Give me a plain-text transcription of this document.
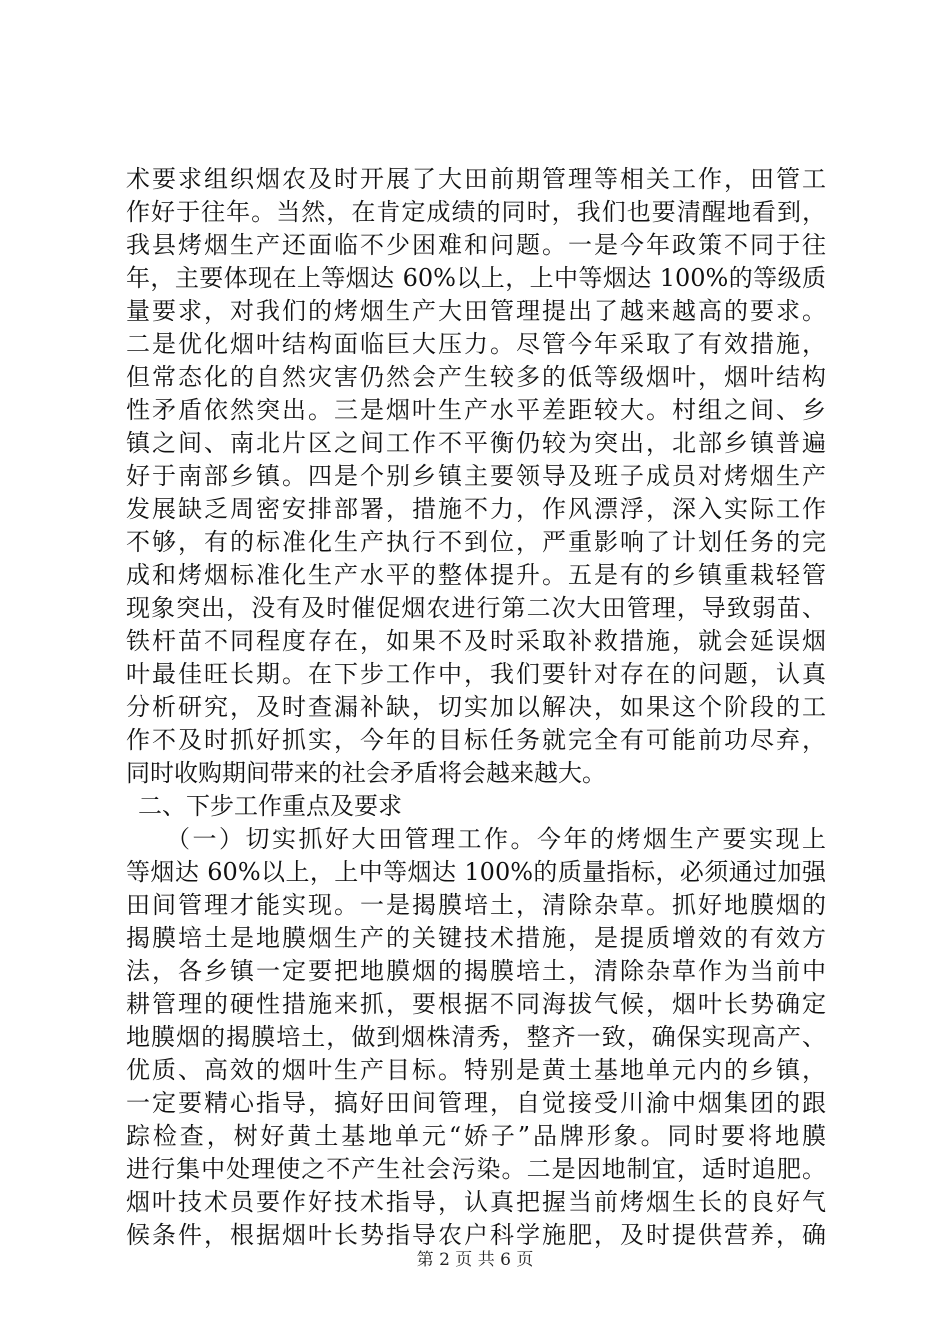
术要求组织烟农及时开展了大田前期管理等相关工作，田管工
作好于往年。当然，在肯定成绩的同时，我们也要清醒地看到，
我县烤烟生产还面临不少困难和问题。一是今年政策不同于往
年，主要体现在上等烟达 60%以上，上中等烟达 100%的等级质
量要求，对我们的烤烟生产大田管理提出了越来越高的要求。
二是优化烟叶结构面临巨大压力。尽管今年采取了有效措施，
但常态化的自然灾害仍然会产生较多的低等级烟叶，烟叶结构
性矛盾依然突出。三是烟叶生产水平差距较大。村组之间、乡
镇之间、南北片区之间工作不平衡仍较为突出，北部乡镇普遍
好于南部乡镇。四是个别乡镇主要领导及班子成员对烤烟生产
发展缺乏周密安排部署，措施不力，作风漂浮，深入实际工作
不够，有的标准化生产执行不到位，严重影响了计划任务的完
成和烤烟标准化生产水平的整体提升。五是有的乡镇重栽轻管
现象突出，没有及时催促烟农进行第二次大田管理，导致弱苗、
铁杆苗不同程度存在，如果不及时采取补救措施，就会延误烟
叶最佳旺长期。在下步工作中，我们要针对存在的问题，认真
分析研究，及时查漏补缺，切实加以解决，如果这个阶段的工
作不及时抓好抓实，今年的目标任务就完全有可能前功尽弃，
同时收购期间带来的社会矛盾将会越来越大。
二、下步工作重点及要求
（一）切实抓好大田管理工作。今年的烤烟生产要实现上
等烟达 60%以上，上中等烟达 100%的质量指标，必须通过加强
田间管理才能实现。一是揭膜培土，清除杂草。抓好地膜烟的
揭膜培土是地膜烟生产的关键技术措施，是提质增效的有效方
法，各乡镇一定要把地膜烟的揭膜培土，清除杂草作为当前中
耕管理的硬性措施来抓，要根据不同海拔气候，烟叶长势确定
地膜烟的揭膜培土，做到烟株清秀，整齐一致，确保实现高产、
优质、高效的烟叶生产目标。特别是黄土基地单元内的乡镇，
一定要精心指导，搞好田间管理，自觉接受川渝中烟集团的跟
踪检查，树好黄土基地单元“娇子”品牌形象。同时要将地膜
进行集中处理使之不产生社会污染。二是因地制宜，适时追肥。
烟叶技术员要作好技术指导，认真把握当前烤烟生长的良好气
候条件，根据烟叶长势指导农户科学施肥，及时提供营养，确
第 2 页 共 6 页
